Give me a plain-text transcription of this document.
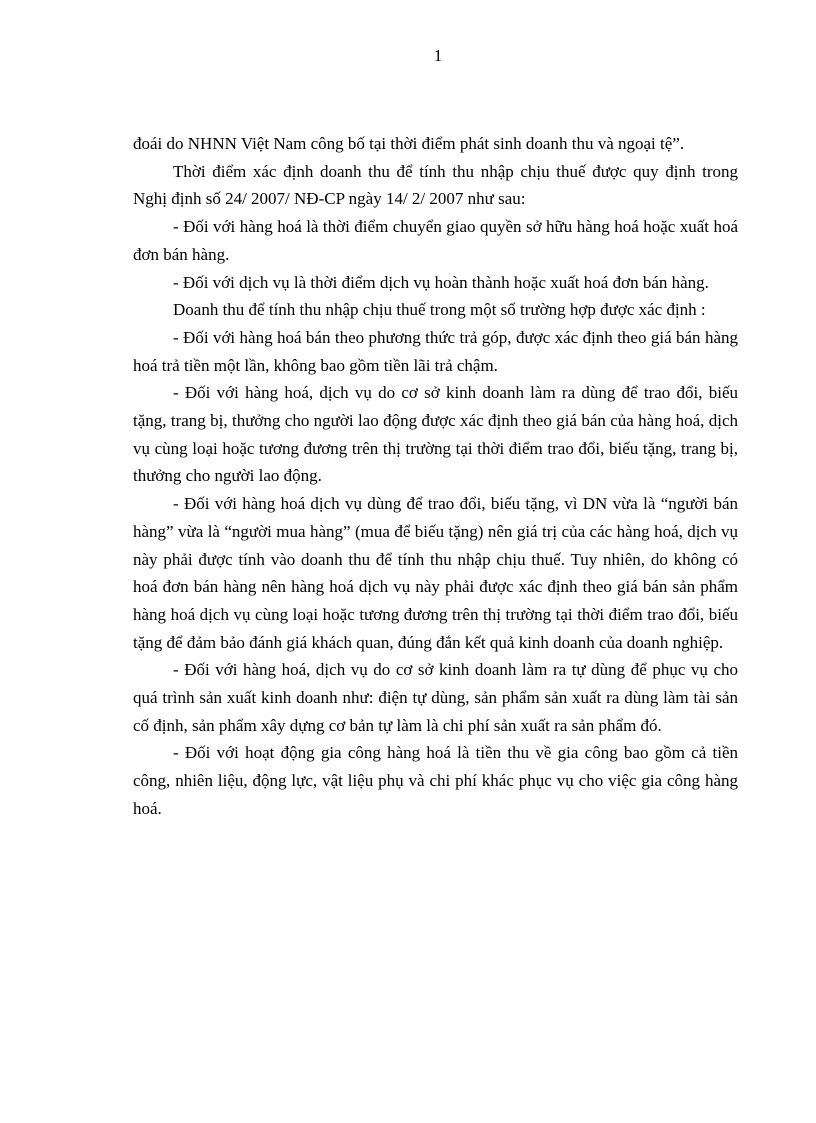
1

đoái do NHNN Việt Nam công bố tại thời điểm phát sinh doanh thu và ngoại tệ”.

Thời điểm xác định doanh thu để tính thu nhập chịu thuế được quy định trong Nghị định số 24/ 2007/ NĐ-CP ngày 14/ 2/ 2007 như sau:

- Đối với hàng hoá là thời điểm chuyển giao quyền sở hữu hàng hoá hoặc xuất hoá đơn bán hàng.

- Đối với dịch vụ là thời điểm dịch vụ hoàn thành hoặc xuất hoá đơn bán hàng.

Doanh thu để tính thu nhập chịu thuế trong một số trường hợp được xác định :

- Đối với hàng hoá bán theo phương thức trả góp, được xác định theo giá bán hàng hoá trả tiền một lần, không bao gồm tiền lãi trả chậm.

- Đối với hàng hoá, dịch vụ do cơ sở kinh doanh làm ra dùng để trao đổi, biếu tặng, trang bị, thưởng cho người lao động được xác định theo giá bán của hàng hoá, dịch vụ cùng loại hoặc tương đương trên thị trường tại thời điểm trao đổi, biếu tặng, trang bị, thưởng cho người lao động.

- Đối với hàng hoá dịch vụ dùng để trao đổi, biếu tặng, vì DN vừa là “người bán hàng” vừa là “người mua hàng” (mua để biếu tặng) nên giá trị của các hàng hoá, dịch vụ này phải được tính vào doanh thu để tính thu nhập chịu thuế. Tuy nhiên, do không có hoá đơn bán hàng nên hàng hoá dịch vụ này phải được xác định theo giá bán sản phẩm hàng hoá dịch vụ cùng loại hoặc tương đương trên thị trường tại thời điểm trao đổi, biếu tặng để đảm bảo đánh giá khách quan, đúng đắn kết quả kinh doanh của doanh nghiệp.

- Đối với hàng hoá, dịch vụ do cơ sở kinh doanh làm ra tự dùng để phục vụ cho quá trình sản xuất kinh doanh như: điện tự dùng, sản phẩm sản xuất ra dùng làm tài sản cố định, sản phẩm xây dựng cơ bản tự làm là chi phí sản xuất ra sản phẩm đó.

- Đối với hoạt động gia công hàng hoá là tiền thu về gia công bao gồm cả tiền công, nhiên liệu, động lực, vật liệu phụ và chi phí khác phục vụ cho việc gia công hàng hoá.
